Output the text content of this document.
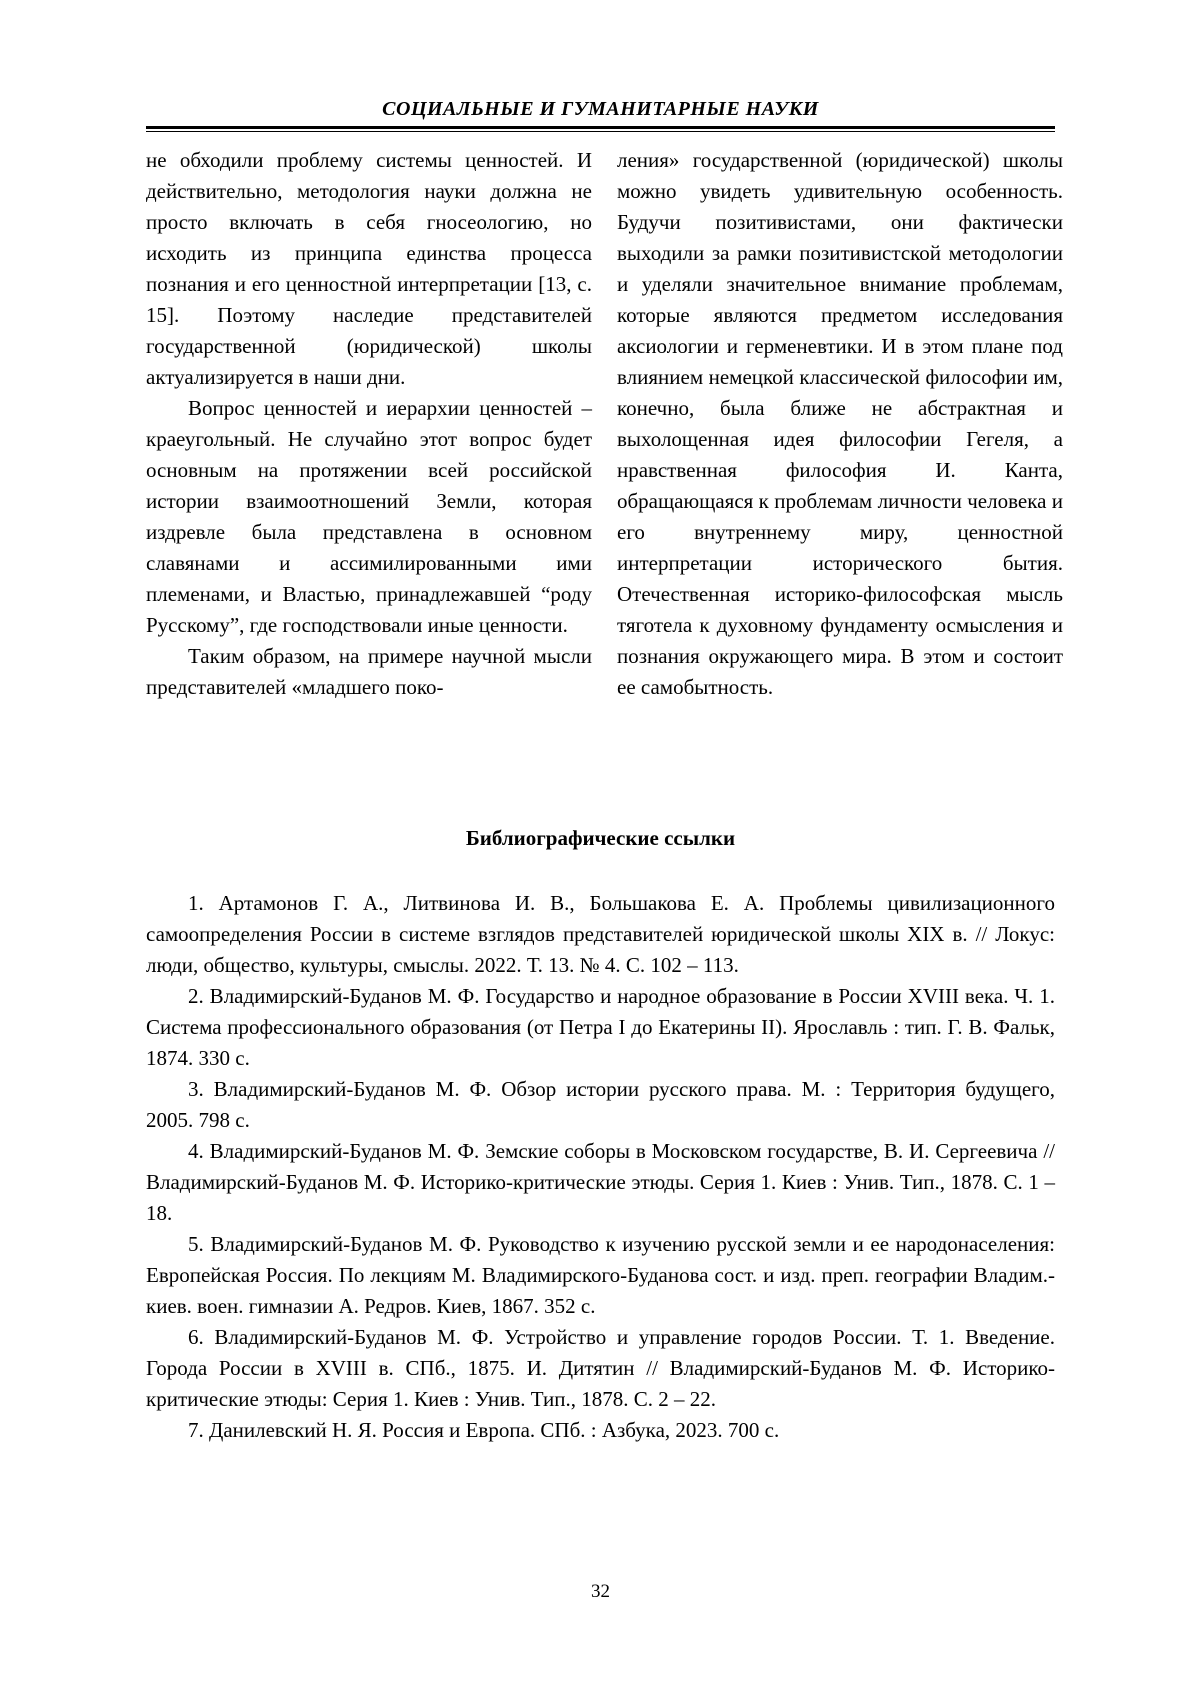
СОЦИАЛЬНЫЕ И ГУМАНИТАРНЫЕ НАУКИ

не обходили проблему системы ценностей. И действительно, методология науки должна не просто включать в себя гносеологию, но исходить из принципа единства процесса познания и его ценностной интерпретации [13, с. 15]. Поэтому наследие представителей государственной (юридической) школы актуализируется в наши дни.

Вопрос ценностей и иерархии ценностей – краеугольный. Не случайно этот вопрос будет основным на протяжении всей российской истории взаимоотношений Земли, которая издревле была представлена в основном славянами и ассимилированными ими племенами, и Властью, принадлежавшей “роду Русскому”, где господствовали иные ценности.

Таким образом, на примере научной мысли представителей «младшего поко-

ления» государственной (юридической) школы можно увидеть удивительную особенность. Будучи позитивистами, они фактически выходили за рамки позитивистской методологии и уделяли значительное внимание проблемам, которые являются предметом исследования аксиологии и герменевтики. И в этом плане под влиянием немецкой классической философии им, конечно, была ближе не абстрактная и выхолощенная идея философии Гегеля, а нравственная философия И. Канта, обращающаяся к проблемам личности человека и его внутреннему миру, ценностной интерпретации исторического бытия. Отечественная историко-философская мысль тяготела к духовному фундаменту осмысления и познания окружающего мира. В этом и состоит ее самобытность.

Библиографические ссылки

1. Артамонов Г. А., Литвинова И. В., Большакова Е. А. Проблемы цивилизационного самоопределения России в системе взглядов представителей юридической школы XIX в. // Локус: люди, общество, культуры, смыслы. 2022. Т. 13. № 4. С. 102 – 113.

2. Владимирский-Буданов М. Ф. Государство и народное образование в России XVIII века. Ч. 1. Система профессионального образования (от Петра I до Екатерины II). Ярославль : тип. Г. В. Фальк, 1874. 330 с.

3. Владимирский-Буданов М. Ф. Обзор истории русского права. М. : Территория будущего, 2005. 798 с.

4. Владимирский-Буданов М. Ф. Земские соборы в Московском государстве, В. И. Сергеевича // Владимирский-Буданов М. Ф. Историко-критические этюды. Серия 1. Киев : Унив. Тип., 1878. С. 1 – 18.

5. Владимирский-Буданов М. Ф. Руководство к изучению русской земли и ее народонаселения: Европейская Россия. По лекциям М. Владимирского-Буданова сост. и изд. преп. географии Владим.-киев. воен. гимназии А. Редров. Киев, 1867. 352 с.

6. Владимирский-Буданов М. Ф. Устройство и управление городов России. Т. 1. Введение. Города России в XVIII в. СПб., 1875. И. Дитятин // Владимирский-Буданов М. Ф. Историко-критические этюды: Серия 1. Киев : Унив. Тип., 1878. С. 2 – 22.

7. Данилевский Н. Я. Россия и Европа. СПб. : Азбука, 2023. 700 с.

32
